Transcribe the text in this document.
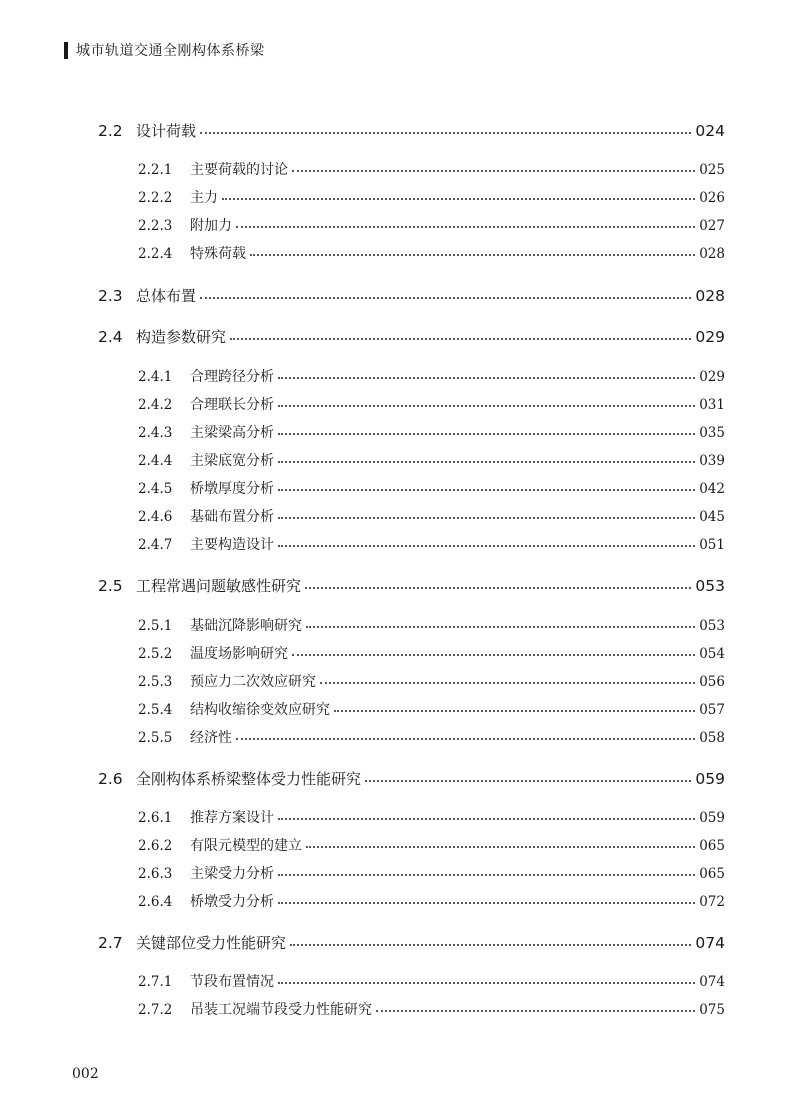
城市轨道交通全刚构体系桥梁
2.2 设计荷载	024
2.2.1	主要荷载的讨论	025
2.2.2	主力	026
2.2.3	附加力	027
2.2.4	特殊荷载	028
2.3 总体布置	028
2.4 构造参数研究	029
2.4.1	合理跨径分析	029
2.4.2	合理联长分析	031
2.4.3	主梁梁高分析	035
2.4.4	主梁底宽分析	039
2.4.5	桥墩厚度分析	042
2.4.6	基础布置分析	045
2.4.7	主要构造设计	051
2.5 工程常遇问题敏感性研究	053
2.5.1	基础沉降影响研究	053
2.5.2	温度场影响研究	054
2.5.3	预应力二次效应研究	056
2.5.4	结构收缩徐变效应研究	057
2.5.5	经济性	058
2.6 全刚构体系桥梁整体受力性能研究	059
2.6.1	推荐方案设计	059
2.6.2	有限元模型的建立	065
2.6.3	主梁受力分析	065
2.6.4	桥墩受力分析	072
2.7 关键部位受力性能研究	074
2.7.1	节段布置情况	074
2.7.2	吊装工况端节段受力性能研究	075
002
